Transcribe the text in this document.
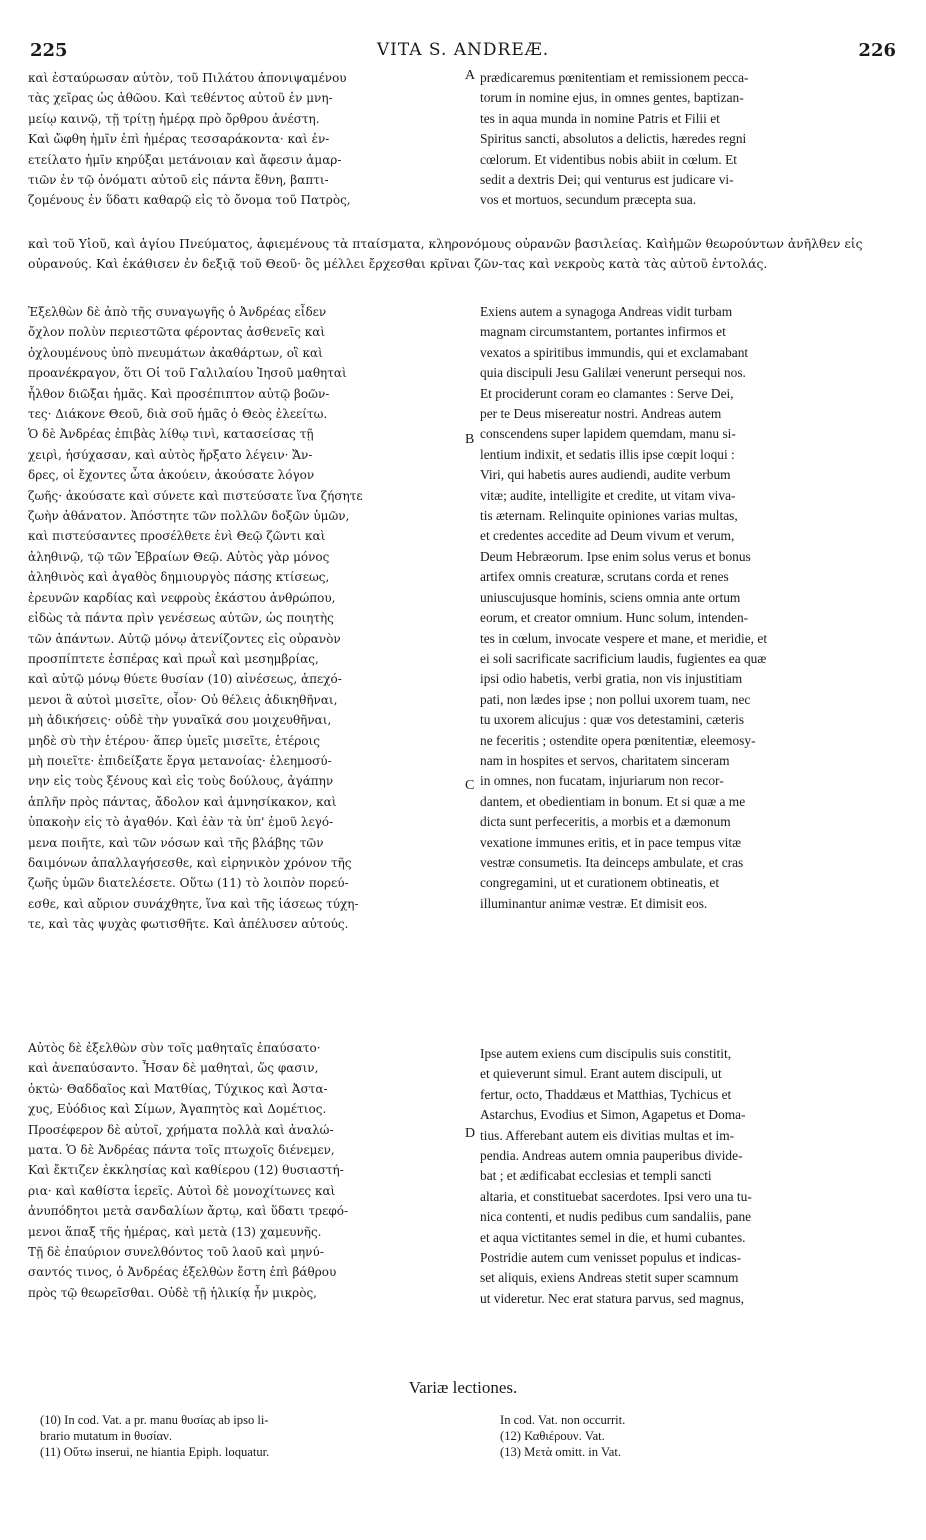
225	VITA S. ANDREÆ.	226
καὶ ἐσταύρωσαν αὐτὸν, τοῦ Πιλάτου ἀπονιψαμένου
τὰς χεῖρας ὡς ἀθῶου. Καὶ τεθέντος αὐτοῦ ἐν μνη-
μείῳ καινῷ, τῇ τρίτῃ ἡμέρᾳ πρὸ ὄρθρου ἀνέστη.
Καὶ ὤφθη ἡμῖν ἐπὶ ἡμέρας τεσσαράκοντα· καὶ ἐν-
ετείλατο ἡμῖν κηρύξαι μετάνοιαν καὶ ἄφεσιν ἁμαρ-
τιῶν ἐν τῷ ὀνόματι αὐτοῦ εἰς πάντα ἔθνη, βαπτι-
ζομένους ἐν ὕδατι καθαρῷ εἰς τὸ ὄνομα τοῦ Πατρὸς,
prædicaremus pœnitentiam et remissionem pecca-
torum in nomine ejus, in omnes gentes, baptizan-
tes in aqua munda in nomine Patris et Filii et
Spiritus sancti, absolutos a delictis, hæredes regni
cœlorum. Et videntibus nobis abiit in cœlum. Et
sedit a dextris Dei; qui venturus est judicare vi-
vos et mortuos, secundum præcepta sua.
A
καὶ τοῦ Υἱοῦ, καὶ ἁγίου Πνεύματος, ἀφιεμένους τὰ πταίσματα, κληρονόμους οὐρανῶν βασιλείας. Καὶἡμῶν θεωρούντων ἀνῆλθεν εἰς οὐρανούς. Καὶ ἐκάθισεν ἐν δεξιᾷ τοῦ Θεοῦ· ὃς μέλλει ἔρχεσθαι κρῖναι ζῶν-τας καὶ νεκροὺς κατὰ τὰς αὐτοῦ ἐντολάς.
Ἐξελθὼν δὲ ἀπὸ τῆς συναγωγῆς ὁ Ἀνδρέας εἶδεν
ὄχλον πολὺν περιεστῶτα φέροντας ἀσθενεῖς καὶ
ὀχλουμένους ὑπὸ πνευμάτων ἀκαθάρτων, οἳ καὶ
προανέκραγον, ὅτι Οἱ τοῦ Γαλιλαίου Ἰησοῦ μαθηταὶ
ἦλθον διῶξαι ἡμᾶς. Καὶ προσέπιπτον αὐτῷ βοῶν-
τες· Διάκονε Θεοῦ, διὰ σοῦ ἡμᾶς ὁ Θεὸς ἐλεείτω.
Ὁ δὲ Ἀνδρέας ἐπιβὰς λίθῳ τινὶ, κατασείσας τῇ
χειρὶ, ἡσύχασαν, καὶ αὐτὸς ἤρξατο λέγειν· Ἄν-
δρες, οἱ ἔχοντες ὦτα ἀκούειν, ἀκούσατε λόγον
ζωῆς· ἀκούσατε καὶ σύνετε καὶ πιστεύσατε ἵνα ζήσητε
ζωὴν ἀθάνατον. Ἀπόστητε τῶν πολλῶν δοξῶν ὑμῶν,
καὶ πιστεύσαντες προσέλθετε ἑνὶ Θεῷ ζῶντι καὶ
ἀληθινῷ, τῷ τῶν Ἑβραίων Θεῷ. Αὐτὸς γὰρ μόνος
ἀληθινὸς καὶ ἀγαθὸς δημιουργὸς πάσης κτίσεως,
ἐρευνῶν καρδίας καὶ νεφροὺς ἑκάστου ἀνθρώπου,
εἰδὼς τὰ πάντα πρὶν γενέσεως αὐτῶν, ὡς ποιητὴς
τῶν ἁπάντων. Αὐτῷ μόνῳ ἀτενίζοντες εἰς οὐρανὸν
προσπίπτετε ἑσπέρας καὶ πρωῒ καὶ μεσημβρίας,
καὶ αὐτῷ μόνῳ θύετε θυσίαν (10) αἰνέσεως, ἀπεχό-
μενοι ἃ αὐτοὶ μισεῖτε, οἷον· Οὐ θέλεις ἀδικηθῆναι,
μὴ ἀδικήσεις· οὐδὲ τὴν γυναῖκά σου μοιχευθῆναι,
μηδὲ σὺ τὴν ἑτέρου· ἅπερ ὑμεῖς μισεῖτε, ἑτέροις
μὴ ποιεῖτε· ἐπιδείξατε ἔργα μετανοίας· ἐλεημοσύ-
νην εἰς τοὺς ξένους καὶ εἰς τοὺς δούλους, ἀγάπην
ἁπλῆν πρὸς πάντας, ἄδολον καὶ ἀμνησίκακον, καὶ
ὑπακοὴν εἰς τὸ ἀγαθόν. Καὶ ἐὰν τὰ ὑπ' ἐμοῦ λεγό-
μενα ποιῆτε, καὶ τῶν νόσων καὶ τῆς βλάβης τῶν
δαιμόνων ἀπαλλαγήσεσθε, καὶ εἰρηνικὸν χρόνον τῆς
ζωῆς ὑμῶν διατελέσετε. Οὕτω (11) τὸ λοιπὸν πορεύ-
εσθε, καὶ αὔριον συνάχθητε, ἵνα καὶ τῆς ἰάσεως τύχη-
τε, καὶ τὰς ψυχὰς φωτισθῆτε. Καὶ ἀπέλυσεν αὐτούς.
Exiens autem a synagoga Andreas vidit turbam
magnam circumstantem, portantes infirmos et
vexatos a spiritibus immundis, qui et exclamabant
quia discipuli Jesu Galilæi venerunt persequi nos.
Et prociderunt coram eo clamantes : Serve Dei,
per te Deus misereatur nostri. Andreas autem
conscendens super lapidem quemdam, manu si-
lentium indixit, et sedatis illis ipse cœpit loqui :
Viri, qui habetis aures audiendi, audite verbum
vitæ; audite, intelligite et credite, ut vitam viva-
tis æternam. Relinquite opiniones varias multas,
et credentes accedite ad Deum vivum et verum,
Deum Hebræorum. Ipse enim solus verus et bonus
artifex omnis creaturæ, scrutans corda et renes
uniuscujusque hominis, sciens omnia ante ortum
eorum, et creator omnium. Hunc solum, intenden-
tes in cœlum, invocate vespere et mane, et meridie, et
ei soli sacrificate sacrificium laudis, fugientes ea quæ
ipsi odio habetis, verbi gratia, non vis injustitiam
pati, non lædes ipse ; non pollui uxorem tuam, nec
tu uxorem alicujus : quæ vos detestamini, cæteris
ne feceritis ; ostendite opera pœnitentiæ, eleemosy-
nam in hospites et servos, charitatem sinceram
in omnes, non fucatam, injuriarum non recor-
dantem, et obedientiam in bonum. Et si quæ a me
dicta sunt perfeceritis, a morbis et a dæmonum
vexatione immunes eritis, et in pace tempus vitæ
vestræ consumetis. Ita deinceps ambulate, et cras
congregamini, ut et curationem obtineatis, et
illuminantur animæ vestræ. Et dimisit eos.
B
C
D
Αὐτὸς δὲ ἐξελθὼν σὺν τοῖς μαθηταῖς ἐπαύσατο·
καὶ ἀνεπαύσαντο. Ἦσαν δὲ μαθηταὶ, ὥς φασιν,
ὀκτὼ· Θαδδαῖος καὶ Ματθίας, Τύχικος καὶ Ἀστα-
χυς, Εὐόδιος καὶ Σίμων, Ἀγαπητὸς καὶ Δομέτιος.
Προσέφερον δὲ αὐτοῖ, χρήματα πολλὰ καὶ ἀναλώ-
ματα. Ὁ δὲ Ἀνδρέας πάντα τοῖς πτωχοῖς διένεμεν,
Καὶ ἔκτιζεν ἐκκλησίας καὶ καθίερου (12) θυσιαστή-
ρια· καὶ καθίστα ἱερεῖς. Αὐτοὶ δὲ μονοχίτωνες καὶ
ἀνυπόδητοι μετὰ σανδαλίων ἄρτῳ, καὶ ὕδατι τρεφό-
μενοι ἅπαξ τῆς ἡμέρας, καὶ μετὰ (13) χαμευνῆς.
Τῇ δὲ ἐπαύριον συνελθόντος τοῦ λαοῦ καὶ μηνύ-
σαντός τινος, ὁ Ἀνδρέας ἐξελθὼν ἔστη ἐπὶ βάθρου
πρὸς τῷ θεωρεῖσθαι. Οὐδὲ τῇ ἡλικίᾳ ἦν μικρὸς,
Ipse autem exiens cum discipulis suis constitit,
et quieverunt simul. Erant autem discipuli, ut
fertur, octo, Thaddæus et Matthias, Tychicus et
Astarchus, Evodius et Simon, Agapetus et Doma-
tius. Afferebant autem eis divitias multas et im-
pendia. Andreas autem omnia pauperibus divide-
bat ; et ædificabat ecclesias et templi sancti
altaria, et constituebat sacerdotes. Ipsi vero una tu-
nica contenti, et nudis pedibus cum sandaliis, pane
et aqua victitantes semel in die, et humi cubantes.
Postridie autem cum venisset populus et indicas-
set aliquis, exiens Andreas stetit super scamnum
ut videretur. Nec erat statura parvus, sed magnus,
Variæ lectiones.
(10) In cod. Vat. a pr. manu θυσίας ab ipso li-
brario mutatum in θυσίαν.
(11) Οὕτω inserui, ne hiantia Epiph. loquatur.
In cod. Vat. non occurrit.
(12) Καθιέρουν. Vat.
(13) Μετὰ omitt. in Vat.
